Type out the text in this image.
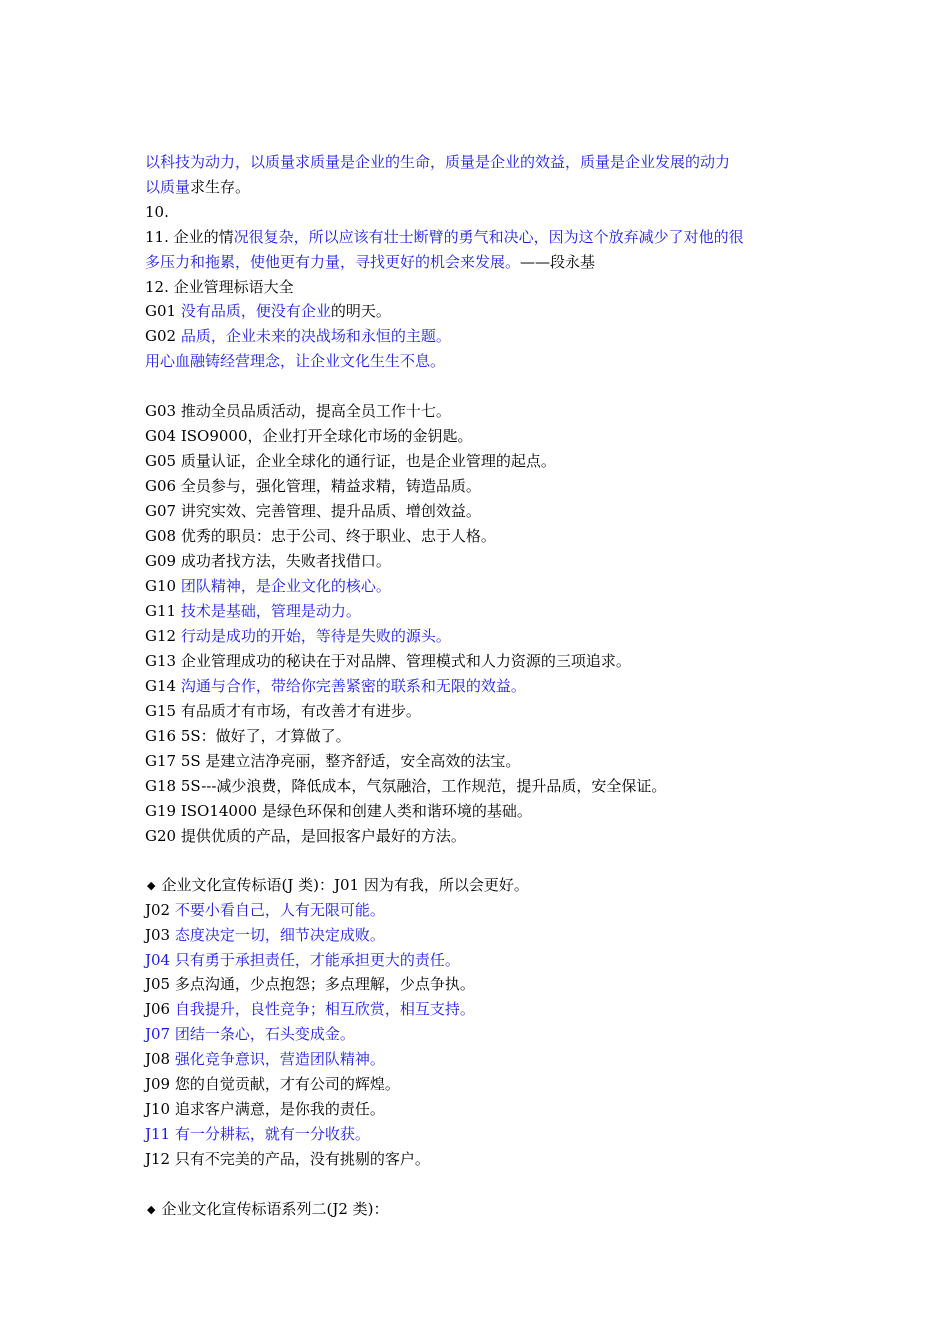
以科技为动力，以质量求质量是企业的生命，质量是企业的效益，质量是企业发展的动力
以质量求生存。
10.
11. 企业的情况很复杂，所以应该有壮士断臂的勇气和决心，因为这个放弃减少了对他的很
多压力和拖累，使他更有力量，寻找更好的机会来发展。——段永基
12. 企业管理标语大全
G01 没有品质，便没有企业的明天。
G02 品质，企业未来的决战场和永恒的主题。
用心血融铸经营理念，让企业文化生生不息。
G03 推动全员品质活动，提高全员工作十七。
G04 ISO9000，企业打开全球化市场的金钥匙。
G05 质量认证，企业全球化的通行证，也是企业管理的起点。
G06 全员参与，强化管理，精益求精，铸造品质。
G07 讲究实效、完善管理、提升品质、增创效益。
G08 优秀的职员：忠于公司、终于职业、忠于人格。
G09 成功者找方法，失败者找借口。
G10 团队精神，是企业文化的核心。
G11 技术是基础，管理是动力。
G12 行动是成功的开始，等待是失败的源头。
G13 企业管理成功的秘诀在于对品牌、管理模式和人力资源的三项追求。
G14 沟通与合作，带给你完善紧密的联系和无限的效益。
G15 有品质才有市场，有改善才有进步。
G16 5S：做好了，才算做了。
G17 5S 是建立洁净亮丽，整齐舒适，安全高效的法宝。
G18 5S---减少浪费，降低成本，气氛融洽，工作规范，提升品质，安全保证。
G19 ISO14000 是绿色环保和创建人类和谐环境的基础。
G20 提供优质的产品，是回报客户最好的方法。
◆ 企业文化宣传标语(J 类)：J01 因为有我，所以会更好。
J02 不要小看自己，人有无限可能。
J03 态度决定一切，细节决定成败。
J04 只有勇于承担责任，才能承担更大的责任。
J05 多点沟通，少点抱怨；多点理解，少点争执。
J06 自我提升，良性竞争；相互欣赏，相互支持。
J07 团结一条心，石头变成金。
J08 强化竞争意识，营造团队精神。
J09 您的自觉贡献，才有公司的辉煌。
J10 追求客户满意，是你我的责任。
J11 有一分耕耘，就有一分收获。
J12 只有不完美的产品，没有挑剔的客户。
◆ 企业文化宣传标语系列二(J2 类)：
